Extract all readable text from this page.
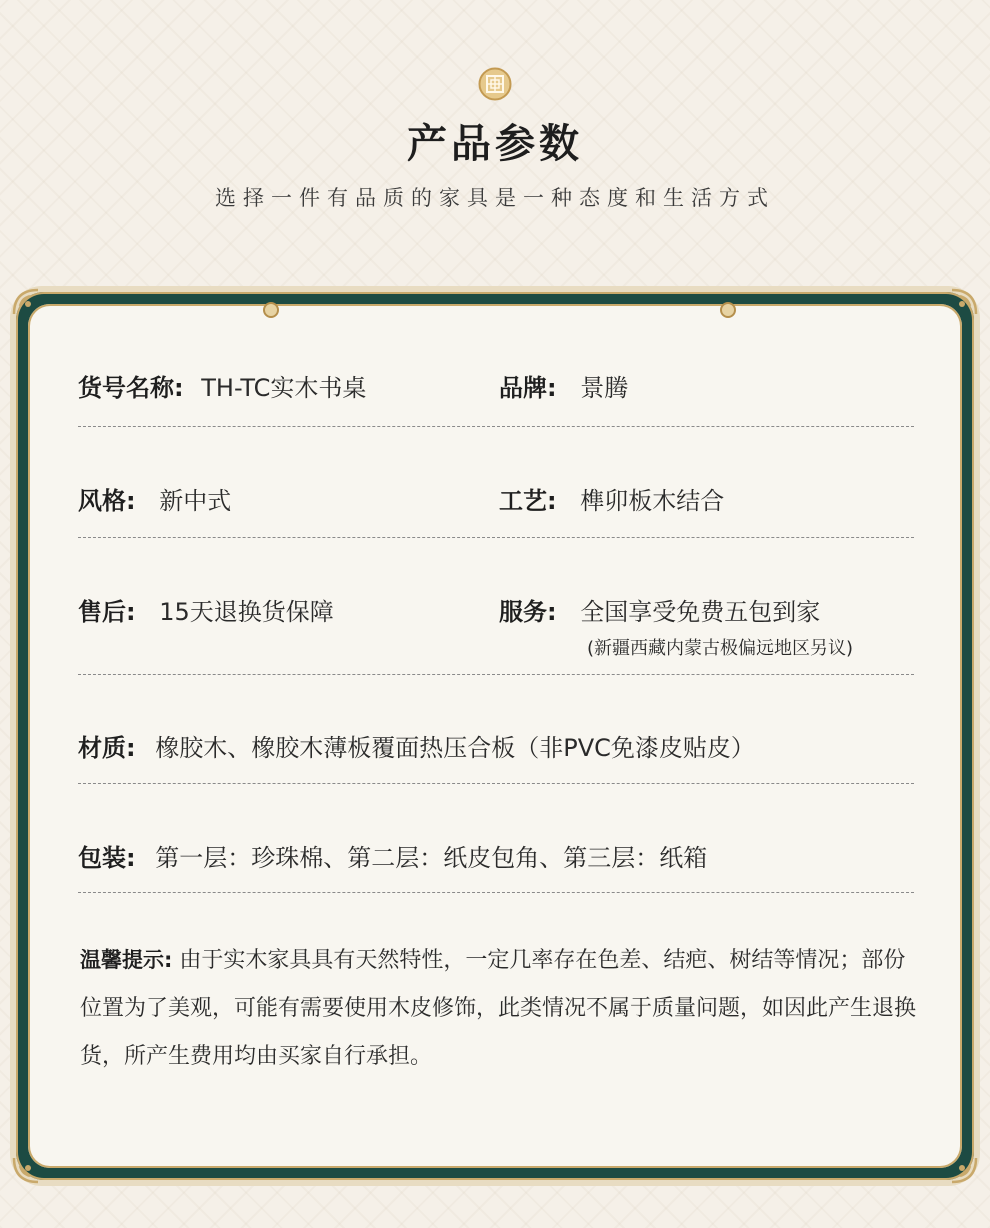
产品参数
选择一件有品质的家具是一种态度和生活方式
货号名称: TH-TC实木书桌	品牌: 景腾
风格: 新中式	工艺: 榫卯板木结合
售后: 15天退换货保障	服务: 全国享受免费五包到家
(新疆西藏内蒙古极偏远地区另议)
材质: 橡胶木、橡胶木薄板覆面热压合板（非PVC免漆皮贴皮）
包装: 第一层：珍珠棉、第二层：纸皮包角、第三层：纸箱
温馨提示: 由于实木家具具有天然特性，一定几率存在色差、结疤、树结等情况；部份位置为了美观，可能有需要使用木皮修饰，此类情况不属于质量问题，如因此产生退换货，所产生费用均由买家自行承担。
